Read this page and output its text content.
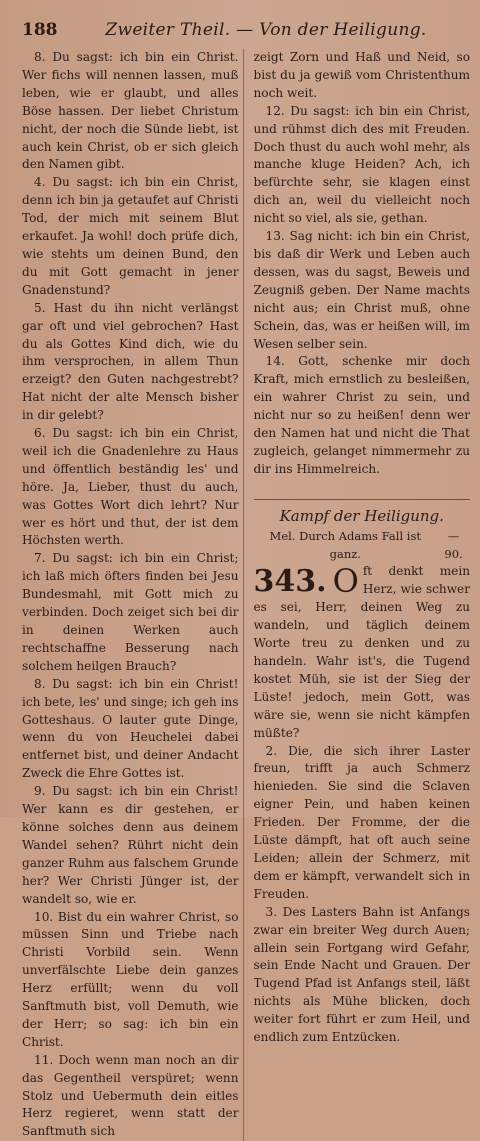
188	Zweiter Theil. — Von der Heiligung.

8. Du sagst: ich bin ein Christ. Wer fichs will nennen lassen, muß leben, wie er glaubt, und alles Böse hassen. Der liebet Christum nicht, der noch die Sünde liebt, ist auch kein Christ, ob er sich gleich den Namen gibt.

4. Du sagst: ich bin ein Christ, denn ich bin ja getaufet auf Christi Tod, der mich mit seinem Blut erkaufet. Ja wohl! doch prüfe dich, wie stehts um deinen Bund, den du mit Gott gemacht in jener Gnadenstund?

5. Hast du ihn nicht verlängst gar oft und viel gebrochen? Hast du als Gottes Kind dich, wie du ihm versprochen, in allem Thun erzeigt? den Guten nachgestrebt? Hat nicht der alte Mensch bisher in dir gelebt?

6. Du sagst: ich bin ein Christ, weil ich die Gnadenlehre zu Haus und öffentlich beständig les' und höre. Ja, Lieber, thust du auch, was Gottes Wort dich lehrt? Nur wer es hört und thut, der ist dem Höchsten werth.

7. Du sagst: ich bin ein Christ; ich laß mich öfters finden bei Jesu Bundesmahl, mit Gott mich zu verbinden. Doch zeiget sich bei dir in deinen Werken auch rechtschaffne Besserung nach solchem heilgen Brauch?

8. Du sagst: ich bin ein Christ! ich bete, les' und singe; ich geh ins Gotteshaus. O lauter gute Dinge, wenn du von Heuchelei dabei entfernet bist, und deiner Andacht Zweck die Ehre Gottes ist.

9. Du sagst: ich bin ein Christ! Wer kann es dir gestehen, er könne solches denn aus deinem Wandel sehen? Rührt nicht dein ganzer Ruhm aus falschem Grunde her? Wer Christi Jünger ist, der wandelt so, wie er.

10. Bist du ein wahrer Christ, so müssen Sinn und Triebe nach Christi Vorbild sein. Wenn unverfälschte Liebe dein ganzes Herz erfüllt; wenn du voll Sanftmuth bist, voll Demuth, wie der Herr; so sag: ich bin ein Christ.

11. Doch wenn man noch an dir das Gegentheil verspüret; wenn Stolz und Uebermuth dein eitles Herz regieret, wenn statt der Sanftmuth sich

zeigt Zorn und Haß und Neid, so bist du ja gewiß vom Christenthum noch weit.

12. Du sagst: ich bin ein Christ, und rühmst dich des mit Freuden. Doch thust du auch wohl mehr, als manche kluge Heiden? Ach, ich befürchte sehr, sie klagen einst dich an, weil du vielleicht noch nicht so viel, als sie, gethan.

13. Sag nicht: ich bin ein Christ, bis daß dir Werk und Leben auch dessen, was du sagst, Beweis und Zeugniß geben. Der Name machts nicht aus; ein Christ muß, ohne Schein, das, was er heißen will, im Wesen selber sein.

14. Gott, schenke mir doch Kraft, mich ernstlich zu besleißen, ein wahrer Christ zu sein, und nicht nur so zu heißen! denn wer den Namen hat und nicht die That zugleich, gelanget nimmermehr zu dir ins Himmelreich.

Kampf der Heiligung.
Mel. Durch Adams Fall ist ganz.
— 90.

343. O ft denkt mein Herz, wie schwer es sei, Herr, deinen Weg zu wandeln, und täglich deinem Worte treu zu denken und zu handeln. Wahr ist's, die Tugend kostet Müh, sie ist der Sieg der Lüste! jedoch, mein Gott, was wäre sie, wenn sie nicht kämpfen müßte?

2. Die, die sich ihrer Laster freun, trifft ja auch Schmerz hienieden. Sie sind die Sclaven eigner Pein, und haben keinen Frieden. Der Fromme, der die Lüste dämpft, hat oft auch seine Leiden; allein der Schmerz, mit dem er kämpft, verwandelt sich in Freuden.

3. Des Lasters Bahn ist Anfangs zwar ein breiter Weg durch Auen; allein sein Fortgang wird Gefahr, sein Ende Nacht und Grauen. Der Tugend Pfad ist Anfangs steil, läßt nichts als Mühe blicken, doch weiter fort führt er zum Heil, und endlich zum Entzücken.
